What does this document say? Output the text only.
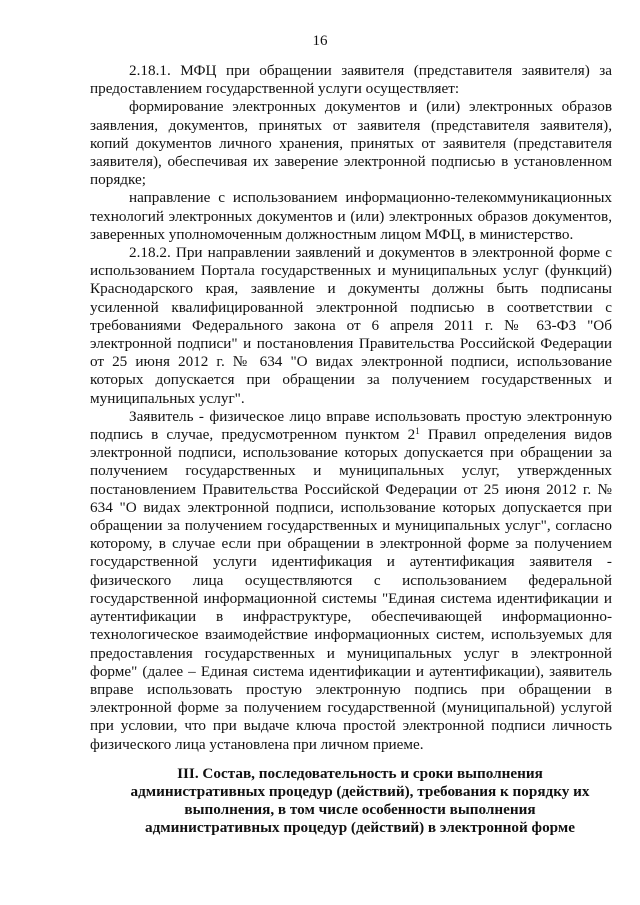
16

2.18.1. МФЦ при обращении заявителя (представителя заявителя) за предоставлением государственной услуги осуществляет:

формирование электронных документов и (или) электронных образов заявления, документов, принятых от заявителя (представителя заявителя), копий документов личного хранения, принятых от заявителя (представителя заявителя), обеспечивая их заверение электронной подписью в установленном порядке;

направление с использованием информационно-телекоммуникационных технологий электронных документов и (или) электронных образов документов, заверенных уполномоченным должностным лицом МФЦ, в министерство.

2.18.2. При направлении заявлений и документов в электронной форме с использованием Портала государственных и муниципальных услуг (функций) Краснодарского края, заявление и документы должны быть подписаны усиленной квалифицированной электронной подписью в соответствии с требованиями Федерального закона от 6 апреля 2011 г. № 63-ФЗ "Об электронной подписи" и постановления Правительства Российской Федерации от 25 июня 2012 г. № 634 "О видах электронной подписи, использование которых допускается при обращении за получением государственных и муниципальных услуг".

Заявитель - физическое лицо вправе использовать простую электронную подпись в случае, предусмотренном пунктом $2^1$ Правил определения видов электронной подписи, использование которых допускается при обращении за получением государственных и муниципальных услуг, утвержденных постановлением Правительства Российской Федерации от 25 июня 2012 г. № 634 "О видах электронной подписи, использование которых допускается при обращении за получением государственных и муниципальных услуг", согласно которому, в случае если при обращении в электронной форме за получением государственной услуги идентификация и аутентификация заявителя - физического лица осуществляются с использованием федеральной государственной информационной системы "Единая система идентификации и аутентификации в инфраструктуре, обеспечивающей информационно-технологическое взаимодействие информационных систем, используемых для предоставления государственных и муниципальных услуг в электронной форме" (далее – Единая система идентификации и аутентификации), заявитель вправе использовать простую электронную подпись при обращении в электронной форме за получением государственной (муниципальной) услугой при условии, что при выдаче ключа простой электронной подписи личность физического лица установлена при личном приеме.

III. Состав, последовательность и сроки выполнения административных процедур (действий), требования к порядку их выполнения, в том числе особенности выполнения административных процедур (действий) в электронной форме
